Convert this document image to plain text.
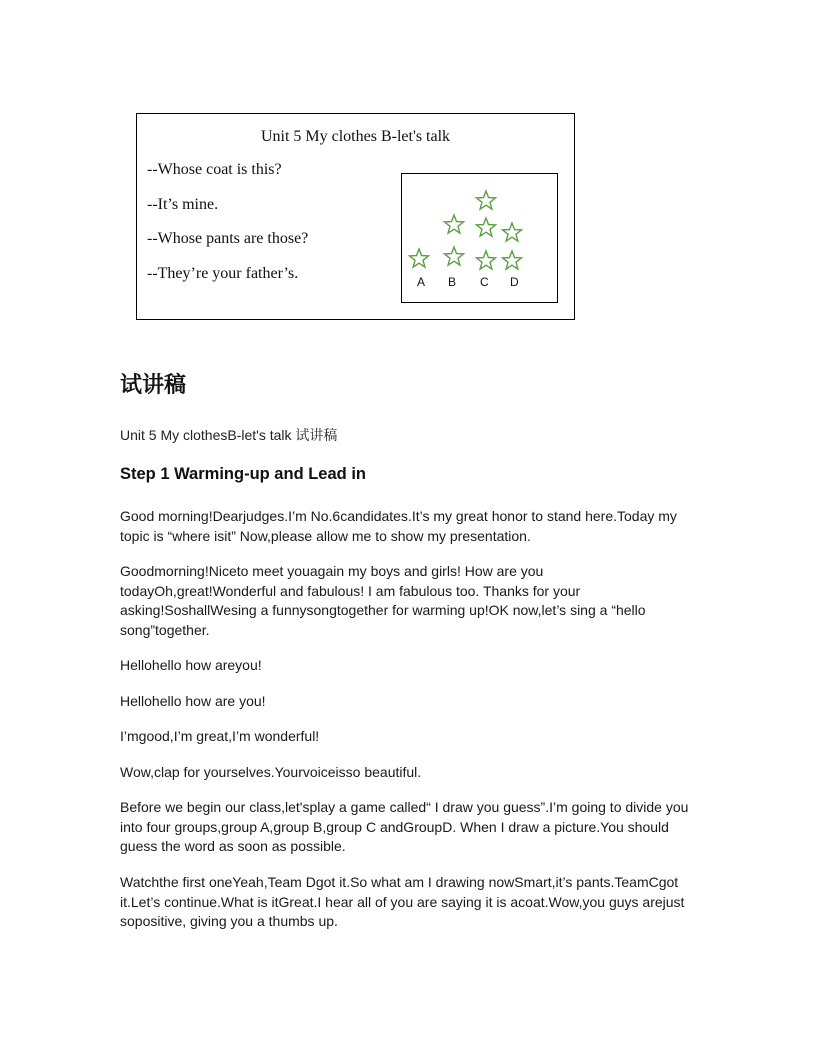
Unit 5 My clothes B-let's talk
--Whose coat is this?
--It’s mine.
--Whose pants are those?
--They’re your father’s.	A B C D
试讲稿
Unit 5 My clothesB-let's talk 试讲稿
Step 1 Warming-up and Lead in
Good morning!Dearjudges.I’m No.6candidates.It’s my great honor to stand here.Today my topic is “where isit” Now,please allow me to show my presentation.
Goodmorning!Niceto meet youagain my boys and girls! How are you todayOh,great!Wonderful and fabulous! I am fabulous too. Thanks for your asking!SoshallWesing a funnysongtogether for warming up!OK now,let’s sing a “hello song”together.
Hellohello how areyou!
Hellohello how are you!
I’mgood,I’m great,I’m wonderful!
Wow,clap for yourselves.Yourvoiceisso beautiful.
Before we begin our class,let'splay a game called“ I draw you guess”.I’m going to divide you into four groups,group A,group B,group C andGroupD. When I draw a picture.You should guess the word as soon as possible.
Watchthe first oneYeah,Team Dgot it.So what am I drawing nowSmart,it’s pants.TeamCgot it.Let’s continue.What is itGreat.I hear all of you are saying it is acoat.Wow,you guys arejust sopositive, giving you a thumbs up.
